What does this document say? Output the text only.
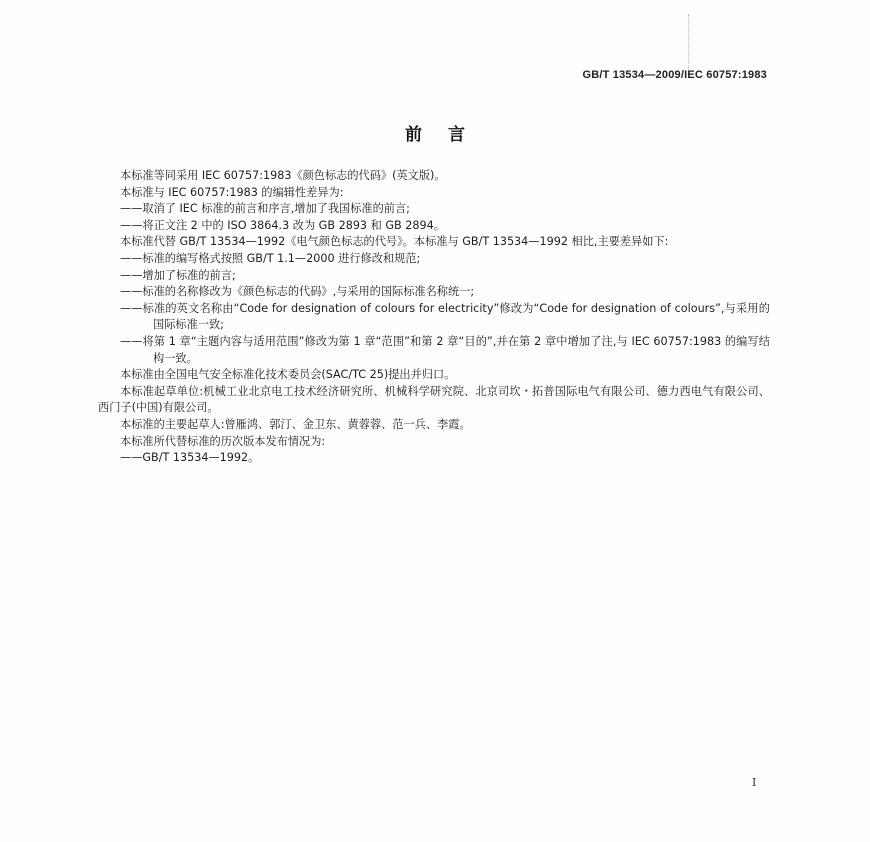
GB/T 13534—2009/IEC 60757:1983
前言

本标准等同采用 IEC 60757:1983《颜色标志的代码》(英文版)。

本标准与 IEC 60757:1983 的编辑性差异为:

——取消了 IEC 标准的前言和序言,增加了我国标准的前言;

——将正文注 2 中的 ISO 3864.3 改为 GB 2893 和 GB 2894。

本标准代替 GB/T 13534—1992《电气颜色标志的代号》。本标准与 GB/T 13534—1992 相比,主要差异如下:

——标准的编写格式按照 GB/T 1.1—2000 进行修改和规范;

——增加了标准的前言;

——标准的名称修改为《颜色标志的代码》,与采用的国际标准名称统一;

——标准的英文名称由“Code for designation of colours for electricity”修改为“Code for designation of colours”,与采用的国际标准一致;

——将第 1 章“主题内容与适用范围”修改为第 1 章“范围”和第 2 章“目的”,并在第 2 章中增加了注,与 IEC 60757:1983 的编写结构一致。

本标准由全国电气安全标准化技术委员会(SAC/TC 25)提出并归口。

本标准起草单位:机械工业北京电工技术经济研究所、机械科学研究院、北京司坎・拓普国际电气有限公司、德力西电气有限公司、西门子(中国)有限公司。

本标准的主要起草人:曾雁鸿、郭汀、金卫东、黄蓉蓉、范一兵、李霞。

本标准所代替标准的历次版本发布情况为:

——GB/T 13534—1992。

I
